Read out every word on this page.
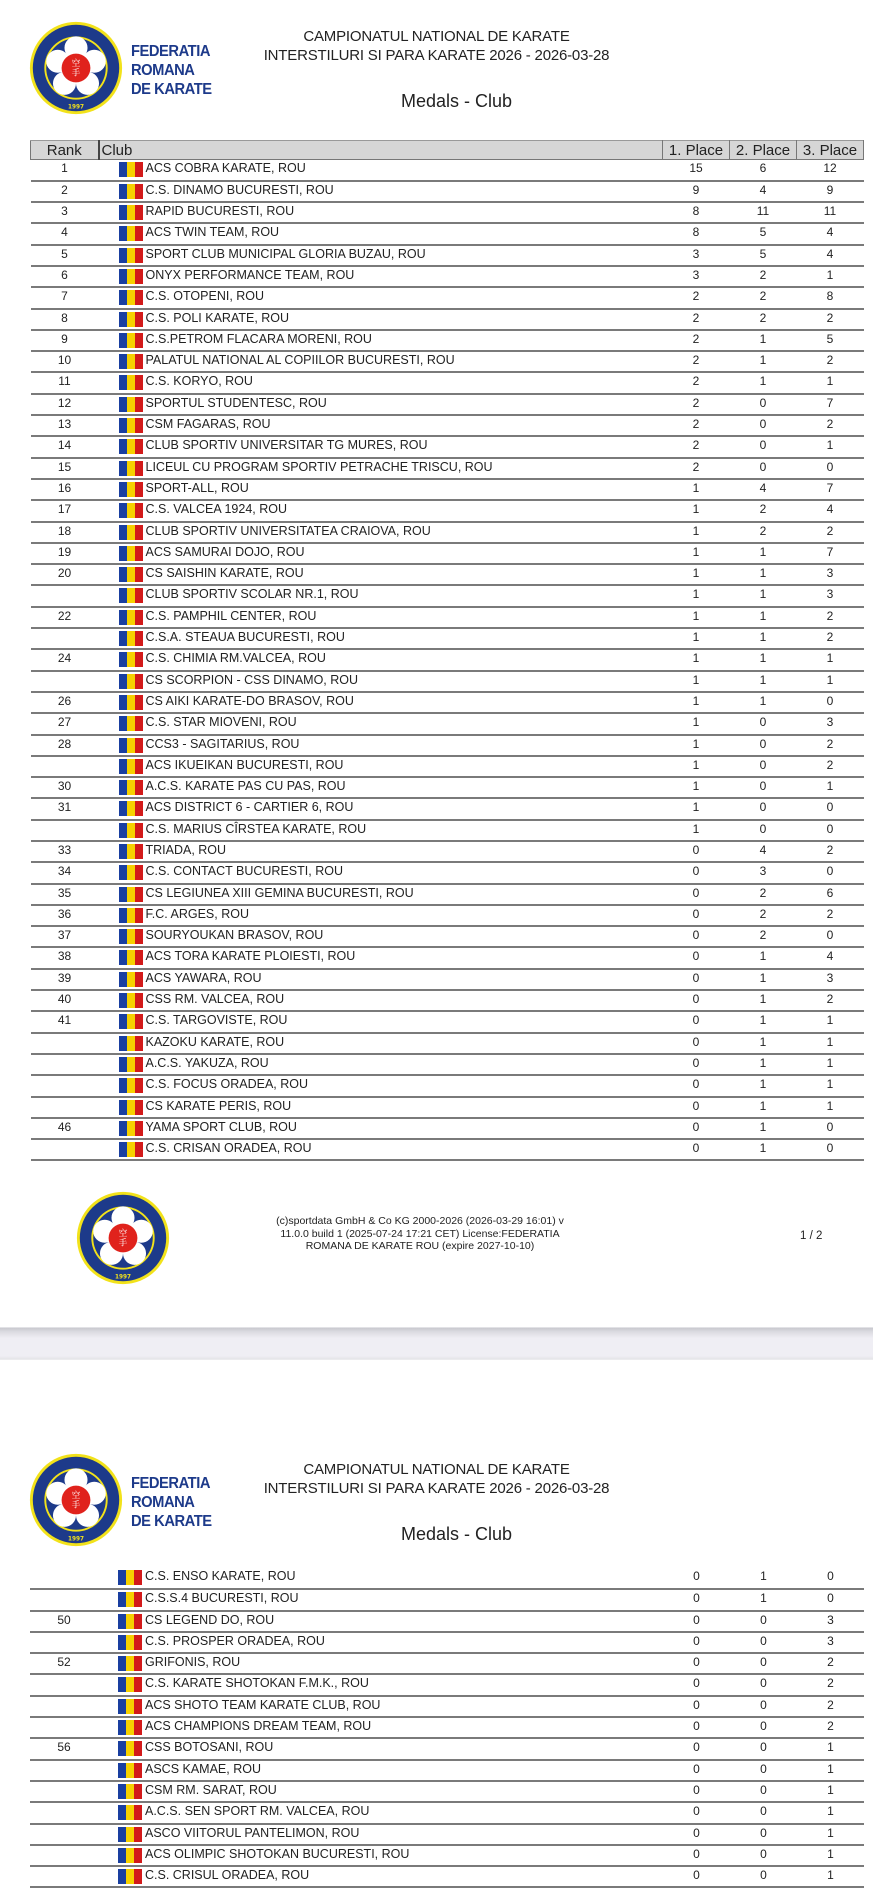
空
手
1997
FEDERATIA
ROMANA
DE KARATE
CAMPIONATUL NATIONAL DE KARATE
INTERSTILURI SI PARA KARATE 2026 - 2026-03-28
Medals - Club
Rank	Club	1. Place	2. Place	3. Place
1	ACS COBRA KARATE, ROU	15	6	12
2	C.S. DINAMO BUCURESTI, ROU	9	4	9
3	RAPID BUCURESTI, ROU	8	11	11
4	ACS TWIN TEAM, ROU	8	5	4
5	SPORT CLUB MUNICIPAL GLORIA BUZAU, ROU	3	5	4
6	ONYX PERFORMANCE TEAM, ROU	3	2	1
7	C.S. OTOPENI, ROU	2	2	8
8	C.S. POLI KARATE, ROU	2	2	2
9	C.S.PETROM FLACARA MORENI, ROU	2	1	5
10	PALATUL NATIONAL AL COPIILOR BUCURESTI, ROU	2	1	2
11	C.S. KORYO, ROU	2	1	1
12	SPORTUL STUDENTESC, ROU	2	0	7
13	CSM FAGARAS, ROU	2	0	2
14	CLUB SPORTIV UNIVERSITAR TG MURES, ROU	2	0	1
15	LICEUL CU PROGRAM SPORTIV PETRACHE TRISCU, ROU	2	0	0
16	SPORT-ALL, ROU	1	4	7
17	C.S. VALCEA 1924, ROU	1	2	4
18	CLUB SPORTIV UNIVERSITATEA CRAIOVA, ROU	1	2	2
19	ACS SAMURAI DOJO, ROU	1	1	7
20	CS SAISHIN KARATE, ROU	1	1	3
	CLUB SPORTIV SCOLAR NR.1, ROU	1	1	3
22	C.S. PAMPHIL CENTER, ROU	1	1	2
	C.S.A. STEAUA BUCURESTI, ROU	1	1	2
24	C.S. CHIMIA RM.VALCEA, ROU	1	1	1
	CS SCORPION - CSS DINAMO, ROU	1	1	1
26	CS AIKI KARATE-DO BRASOV, ROU	1	1	0
27	C.S. STAR MIOVENI, ROU	1	0	3
28	CCS3 - SAGITARIUS, ROU	1	0	2
	ACS IKUEIKAN BUCURESTI, ROU	1	0	2
30	A.C.S. KARATE PAS CU PAS, ROU	1	0	1
31	ACS DISTRICT 6 - CARTIER 6, ROU	1	0	0
	C.S. MARIUS CÎRSTEA KARATE, ROU	1	0	0
33	TRIADA, ROU	0	4	2
34	C.S. CONTACT BUCURESTI, ROU	0	3	0
35	CS LEGIUNEA XIII GEMINA BUCURESTI, ROU	0	2	6
36	F.C. ARGES, ROU	0	2	2
37	SOURYOUKAN BRASOV, ROU	0	2	0
38	ACS TORA KARATE PLOIESTI, ROU	0	1	4
39	ACS YAWARA, ROU	0	1	3
40	CSS RM. VALCEA, ROU	0	1	2
41	C.S. TARGOVISTE, ROU	0	1	1
	KAZOKU KARATE, ROU	0	1	1
	A.C.S. YAKUZA, ROU	0	1	1
	C.S. FOCUS ORADEA, ROU	0	1	1
	CS KARATE PERIS, ROU	0	1	1
46	YAMA SPORT CLUB, ROU	0	1	0
	C.S. CRISAN ORADEA, ROU	0	1	0
空
手
1997
(c)sportdata GmbH & Co KG 2000-2026 (2026-03-29 16:01) v
11.0.0 build 1 (2025-07-24 17:21 CET) License:FEDERATIA
ROMANA DE KARATE ROU (expire 2027-10-10)
1 / 2
空
手
1997
FEDERATIA
ROMANA
DE KARATE
CAMPIONATUL NATIONAL DE KARATE
INTERSTILURI SI PARA KARATE 2026 - 2026-03-28
Medals - Club
	C.S. ENSO KARATE, ROU	0	1	0
	C.S.S.4 BUCURESTI, ROU	0	1	0
50	CS LEGEND DO, ROU	0	0	3
	C.S. PROSPER ORADEA, ROU	0	0	3
52	GRIFONIS, ROU	0	0	2
	C.S. KARATE SHOTOKAN F.M.K., ROU	0	0	2
	ACS SHOTO TEAM KARATE CLUB, ROU	0	0	2
	ACS CHAMPIONS DREAM TEAM, ROU	0	0	2
56	CSS BOTOSANI, ROU	0	0	1
	ASCS KAMAE, ROU	0	0	1
	CSM RM. SARAT, ROU	0	0	1
	A.C.S. SEN SPORT RM. VALCEA, ROU	0	0	1
	ASCO VIITORUL PANTELIMON, ROU	0	0	1
	ACS OLIMPIC SHOTOKAN BUCURESTI, ROU	0	0	1
	C.S. CRISUL ORADEA, ROU	0	0	1
